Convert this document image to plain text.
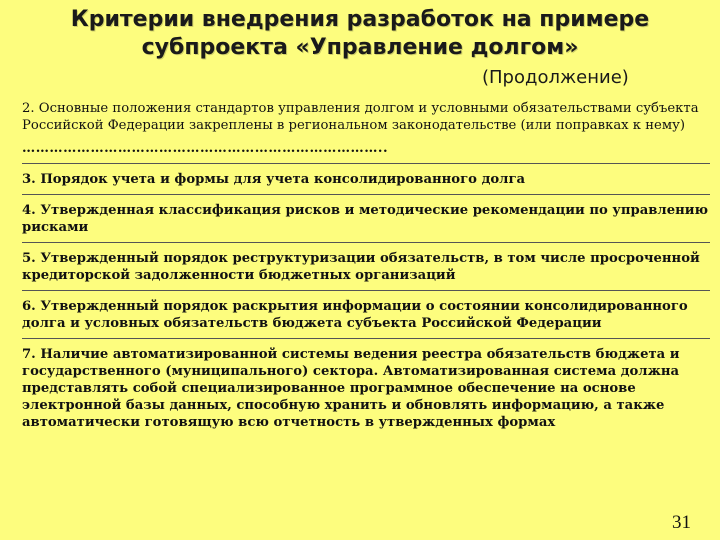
Критерии внедрения разработок на примере
субпроекта «Управление долгом»
(Продолжение)

2. Основные положения стандартов управления долгом и условными обязательствами субъекта Российской Федерации закреплены в региональном законодательстве (или поправках к нему)

……………………………………………………………………..

3. Порядок учета и формы для учета консолидированного долга

4. Утвержденная классификация рисков и методические рекомендации по управлению рисками

5. Утвержденный порядок реструктуризации обязательств, в том числе просроченной кредиторской задолженности бюджетных организаций

6. Утвержденный порядок раскрытия информации о состоянии консолидированного долга и условных обязательств бюджета субъекта Российской Федерации

7. Наличие автоматизированной системы ведения реестра обязательств бюджета и государственного (муниципального) сектора. Автоматизированная система должна представлять собой специализированное программное обеспечение на основе электронной базы данных, способную хранить и обновлять информацию, а также автоматически готовящую всю отчетность в утвержденных формах

31
